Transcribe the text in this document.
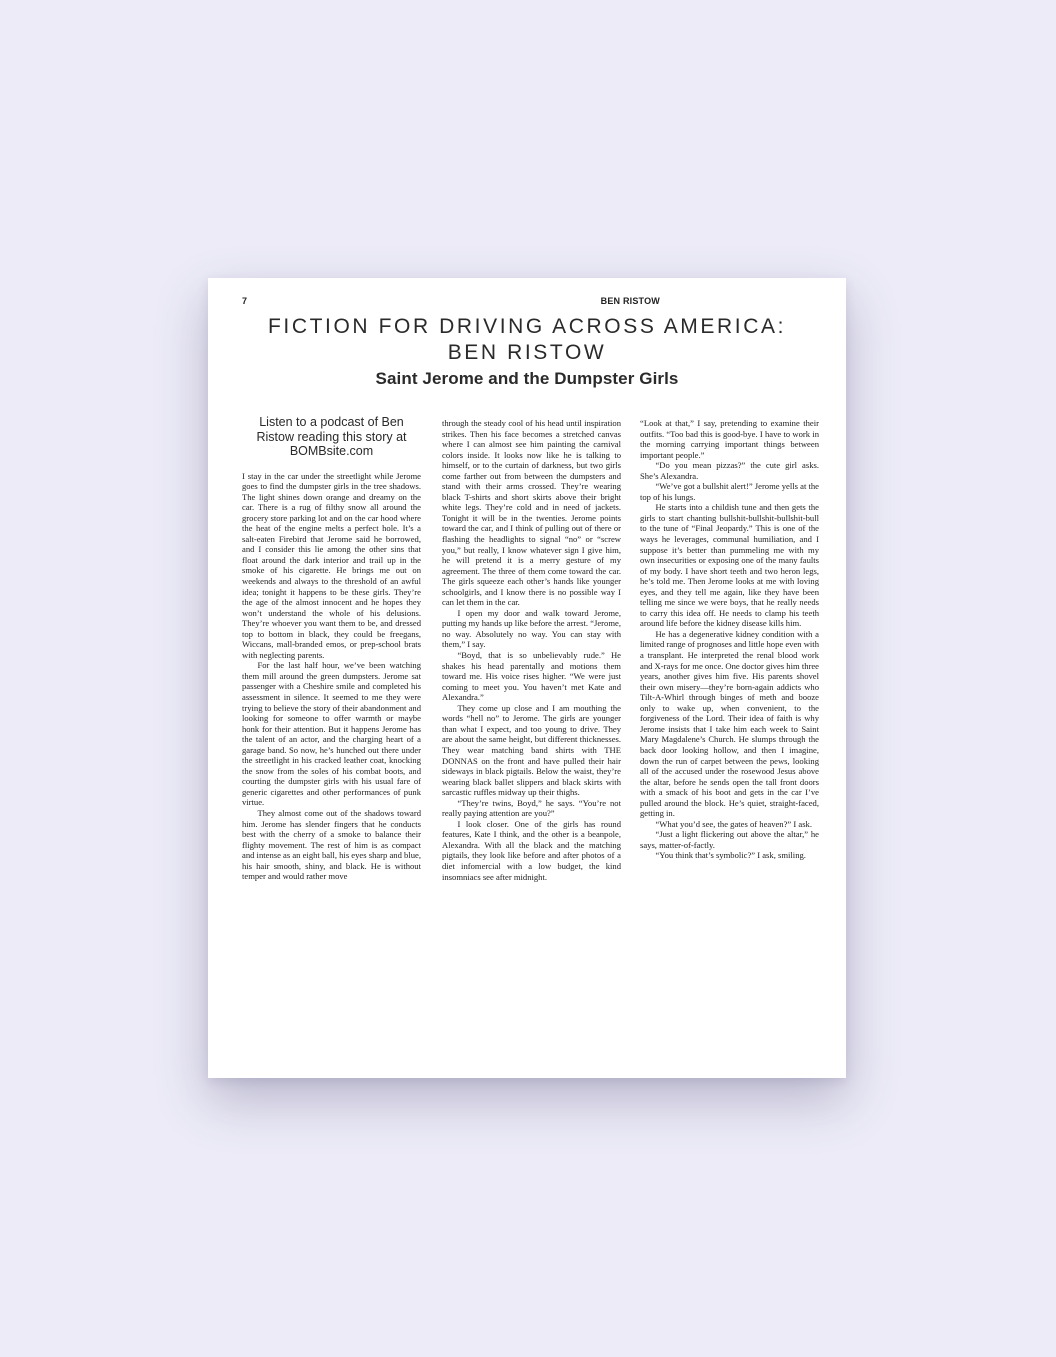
7	BEN RISTOW
FICTION FOR DRIVING ACROSS AMERICA:
BEN RISTOW
Saint Jerome and the Dumpster Girls
Listen to a podcast of Ben Ristow reading this story at BOMBsite.com

I stay in the car under the streetlight while Jerome goes to find the dumpster girls in the tree shadows. The light shines down orange and dreamy on the car. There is a rug of filthy snow all around the grocery store parking lot and on the car hood where the heat of the engine melts a perfect hole. It’s a salt-eaten Firebird that Jerome said he borrowed, and I consider this lie among the other sins that float around the dark interior and trail up in the smoke of his cigarette. He brings me out on weekends and always to the threshold of an awful idea; tonight it happens to be these girls. They’re the age of the almost innocent and he hopes they won’t understand the whole of his delusions. They’re whoever you want them to be, and dressed top to bottom in black, they could be freegans, Wiccans, mall-branded emos, or prep-school brats with neglecting parents.

For the last half hour, we’ve been watching them mill around the green dumpsters. Jerome sat passenger with a Cheshire smile and completed his assessment in silence. It seemed to me they were trying to believe the story of their abandonment and looking for someone to offer warmth or maybe honk for their attention. But it happens Jerome has the talent of an actor, and the charging heart of a garage band. So now, he’s hunched out there under the streetlight in his cracked leather coat, knocking the snow from the soles of his combat boots, and courting the dumpster girls with his usual fare of generic cigarettes and other performances of punk virtue.

They almost come out of the shadows toward him. Jerome has slender fingers that he conducts best with the cherry of a smoke to balance their flighty movement. The rest of him is as compact and intense as an eight ball, his eyes sharp and blue, his hair smooth, shiny, and black. He is without temper and would rather move

through the steady cool of his head until inspiration strikes. Then his face becomes a stretched canvas where I can almost see him painting the carnival colors inside. It looks now like he is talking to himself, or to the curtain of darkness, but two girls come farther out from between the dumpsters and stand with their arms crossed. They’re wearing black T-shirts and short skirts above their bright white legs. They’re cold and in need of jackets. Tonight it will be in the twenties. Jerome points toward the car, and I think of pulling out of there or flashing the headlights to signal “no” or “screw you,” but really, I know whatever sign I give him, he will pretend it is a merry gesture of my agreement. The three of them come toward the car. The girls squeeze each other’s hands like younger schoolgirls, and I know there is no possible way I can let them in the car.

I open my door and walk toward Jerome, putting my hands up like before the arrest. “Jerome, no way. Absolutely no way. You can stay with them,” I say.

“Boyd, that is so unbelievably rude.” He shakes his head parentally and motions them toward me. His voice rises higher. “We were just coming to meet you. You haven’t met Kate and Alexandra.”

They come up close and I am mouthing the words “hell no” to Jerome. The girls are younger than what I expect, and too young to drive. They are about the same height, but different thicknesses. They wear matching band shirts with THE DONNAS on the front and have pulled their hair sideways in black pigtails. Below the waist, they’re wearing black ballet slippers and black skirts with sarcastic ruffles midway up their thighs.

“They’re twins, Boyd,” he says. “You’re not really paying attention are you?”

I look closer. One of the girls has round features, Kate I think, and the other is a beanpole, Alexandra. With all the black and the matching pigtails, they look like before and after photos of a diet infomercial with a low budget, the kind insomniacs see after midnight.

“Look at that,” I say, pretending to examine their outfits. “Too bad this is good-bye. I have to work in the morning carrying important things between important people.”

“Do you mean pizzas?” the cute girl asks. She’s Alexandra.

“We’ve got a bullshit alert!” Jerome yells at the top of his lungs.

He starts into a childish tune and then gets the girls to start chanting bullshit-bullshit-bullshit-bull to the tune of “Final Jeopardy.” This is one of the ways he leverages, communal humiliation, and I suppose it’s better than pummeling me with my own insecurities or exposing one of the many faults of my body. I have short teeth and two heron legs, he’s told me. Then Jerome looks at me with loving eyes, and they tell me again, like they have been telling me since we were boys, that he really needs to carry this idea off. He needs to clamp his teeth around life before the kidney disease kills him.

He has a degenerative kidney condition with a limited range of prognoses and little hope even with a transplant. He interpreted the renal blood work and X-rays for me once. One doctor gives him three years, another gives him five. His parents shovel their own misery—they’re born-again addicts who Tilt-A-Whirl through binges of meth and booze only to wake up, when convenient, to the forgiveness of the Lord. Their idea of faith is why Jerome insists that I take him each week to Saint Mary Magdalene’s Church. He slumps through the back door looking hollow, and then I imagine, down the run of carpet between the pews, looking all of the accused under the rosewood Jesus above the altar, before he sends open the tall front doors with a smack of his boot and gets in the car I’ve pulled around the block. He’s quiet, straight-faced, getting in.

“What you’d see, the gates of heaven?” I ask.

“Just a light flickering out above the altar,” he says, matter-of-factly.

“You think that’s symbolic?” I ask, smiling.
